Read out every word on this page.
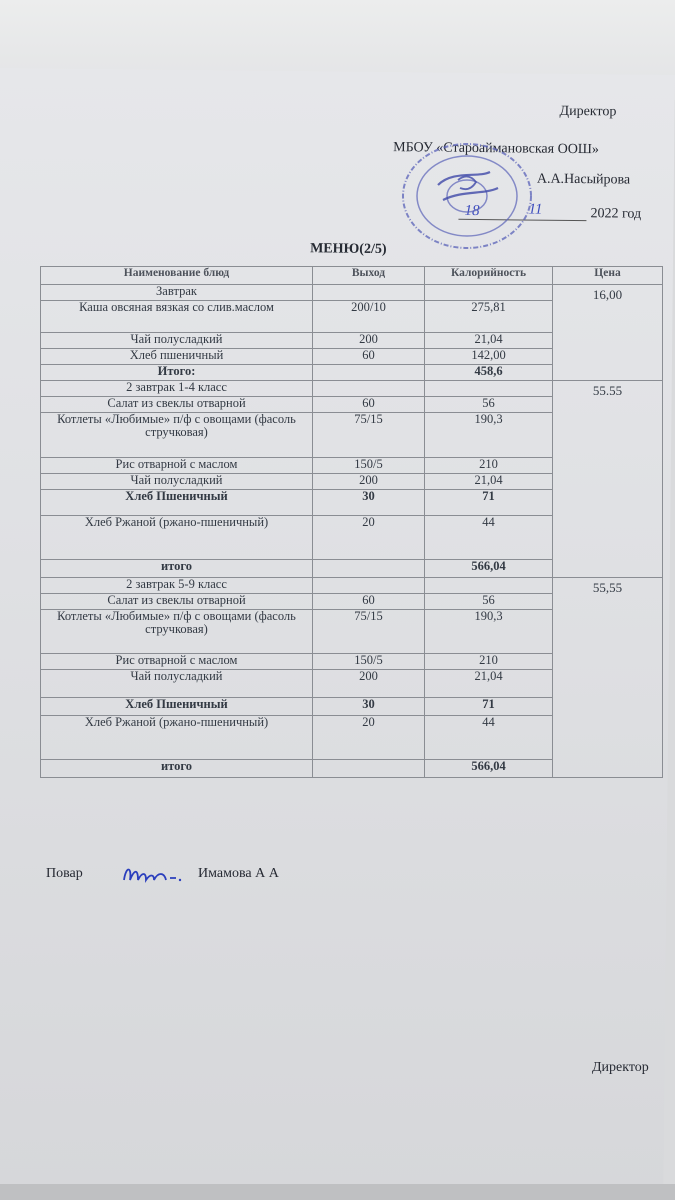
Директор
МБОУ «Староаймановская ООШ»
А.А.Насыйрова
18	11	2022 год
МЕНЮ(2/5)
Наименование блюд	Выход	Калорийность	Цена
Завтрак			16,00
Каша овсяная вязкая со слив.маслом	200/10	275,81	
Чай полусладкий	200	21,04	
Хлеб пшеничный	60	142,00	
Итого:		458,6	
2 завтрак 1-4 класс			55.55
Салат из свеклы отварной	60	56	
Котлеты «Любимые» п/ф с овощами (фасоль стручковая)	75/15	190,3	
Рис отварной с маслом	150/5	210	
Чай полусладкий	200	21,04	
Хлеб Пшеничный	30	71	
Хлеб Ржаной (ржано-пшеничный)	20	44	
итого		566,04	
2 завтрак 5-9 класс			55,55
Салат из свеклы отварной	60	56	
Котлеты «Любимые» п/ф с овощами (фасоль стручковая)	75/15	190,3	
Рис отварной с маслом	150/5	210	
Чай полусладкий	200	21,04	
Хлеб Пшеничный	30	71	
Хлеб Ржаной (ржано-пшеничный)	20	44	
итого		566,04	
Повар	Имамова А А
Директор
